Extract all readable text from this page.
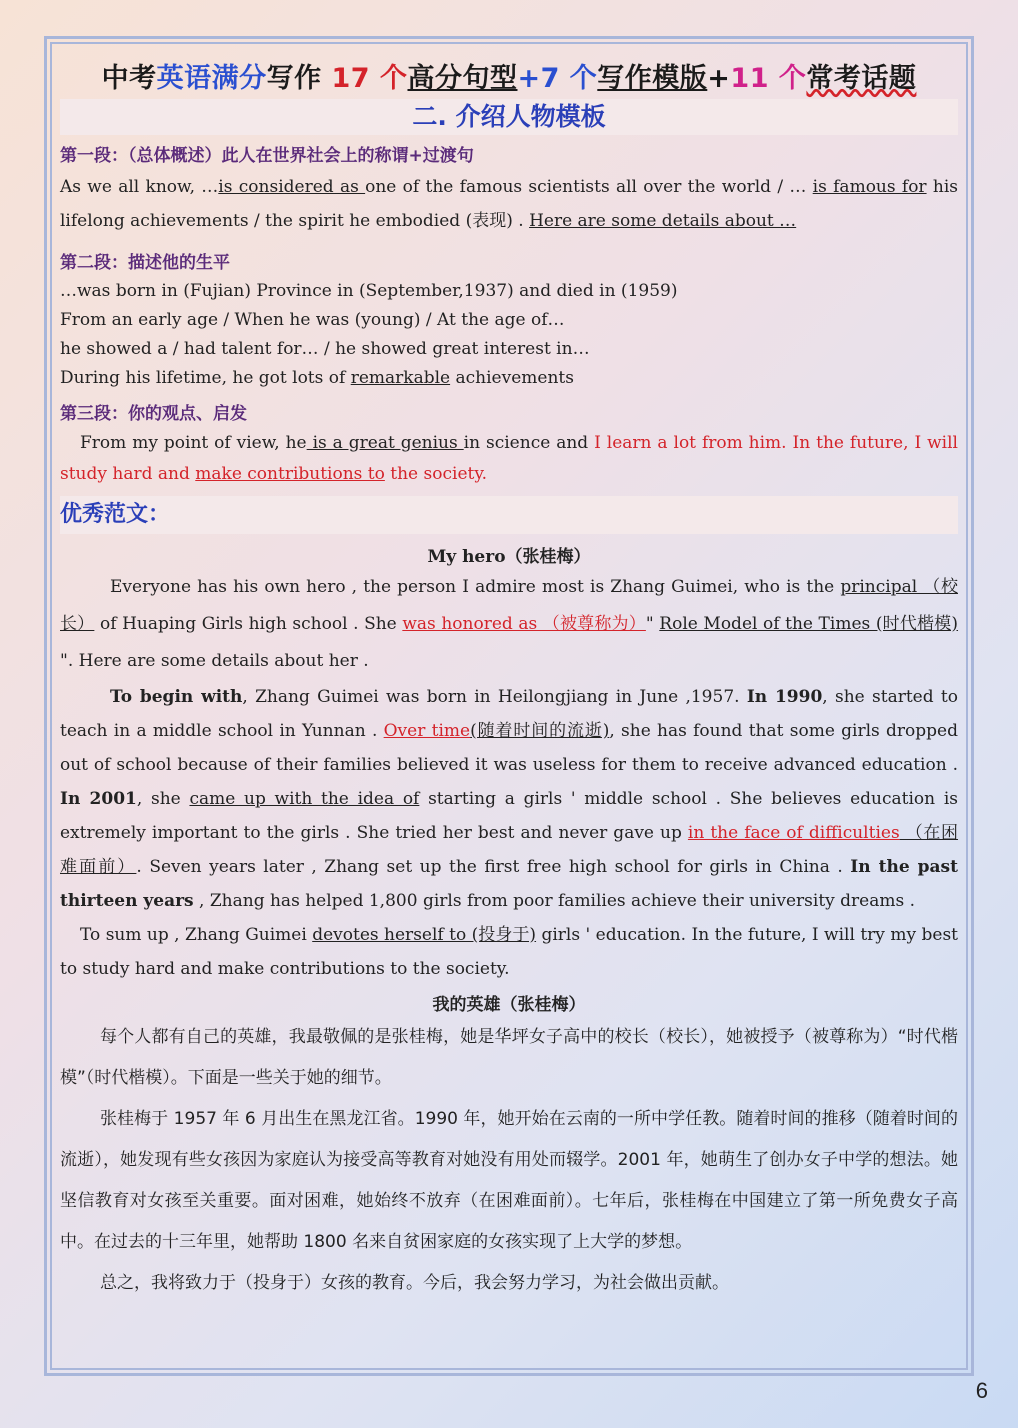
中考英语满分写作 17 个高分句型+7 个写作模版+11 个常考话题
二. 介绍人物模板
第一段：（总体概述）此人在世界社会上的称谓+过渡句

As we all know, …is considered as one of the famous scientists all over the world / … is famous for his lifelong achievements / the spirit he embodied (表现) . Here are some details about …

第二段：描述他的生平

…was born in (Fujian) Province in (September,1937) and died in (1959)

From an early age / When he was (young) / At the age of…

he showed a / had talent for… / he showed great interest in…

During his lifetime, he got lots of remarkable achievements

第三段：你的观点、启发

From my point of view, he is a great genius in science and I learn a lot from him. In the future, I will study hard and make contributions to the society.

优秀范文：
My hero（张桂梅）

Everyone has his own hero , the person I admire most is Zhang Guimei, who is the principal （校长） of Huaping Girls high school . She was honored as （被尊称为）" Role Model of the Times (时代楷模) ". Here are some details about her .

To begin with, Zhang Guimei was born in Heilongjiang in June ,1957. In 1990, she started to teach in a middle school in Yunnan . Over time(随着时间的流逝), she has found that some girls dropped out of school because of their families believed it was useless for them to receive advanced education . In 2001, she came up with the idea of starting a girls ' middle school . She believes education is extremely important to the girls . She tried her best and never gave up in the face of difficulties （在困难面前）. Seven years later , Zhang set up the first free high school for girls in China . In the past thirteen years , Zhang has helped 1,800 girls from poor families achieve their university dreams .

To sum up , Zhang Guimei devotes herself to (投身于) girls ' education. In the future, I will try my best to study hard and make contributions to the society.

我的英雄（张桂梅）

每个人都有自己的英雄，我最敬佩的是张桂梅，她是华坪女子高中的校长（校长），她被授予（被尊称为）“时代楷模”（时代楷模）。下面是一些关于她的细节。

张桂梅于 1957 年 6 月出生在黑龙江省。1990 年，她开始在云南的一所中学任教。随着时间的推移（随着时间的流逝），她发现有些女孩因为家庭认为接受高等教育对她没有用处而辍学。2001 年，她萌生了创办女子中学的想法。她坚信教育对女孩至关重要。面对困难，她始终不放弃（在困难面前）。七年后，张桂梅在中国建立了第一所免费女子高中。在过去的十三年里，她帮助 1800 名来自贫困家庭的女孩实现了上大学的梦想。

总之，我将致力于（投身于）女孩的教育。今后，我会努力学习，为社会做出贡献。

6
